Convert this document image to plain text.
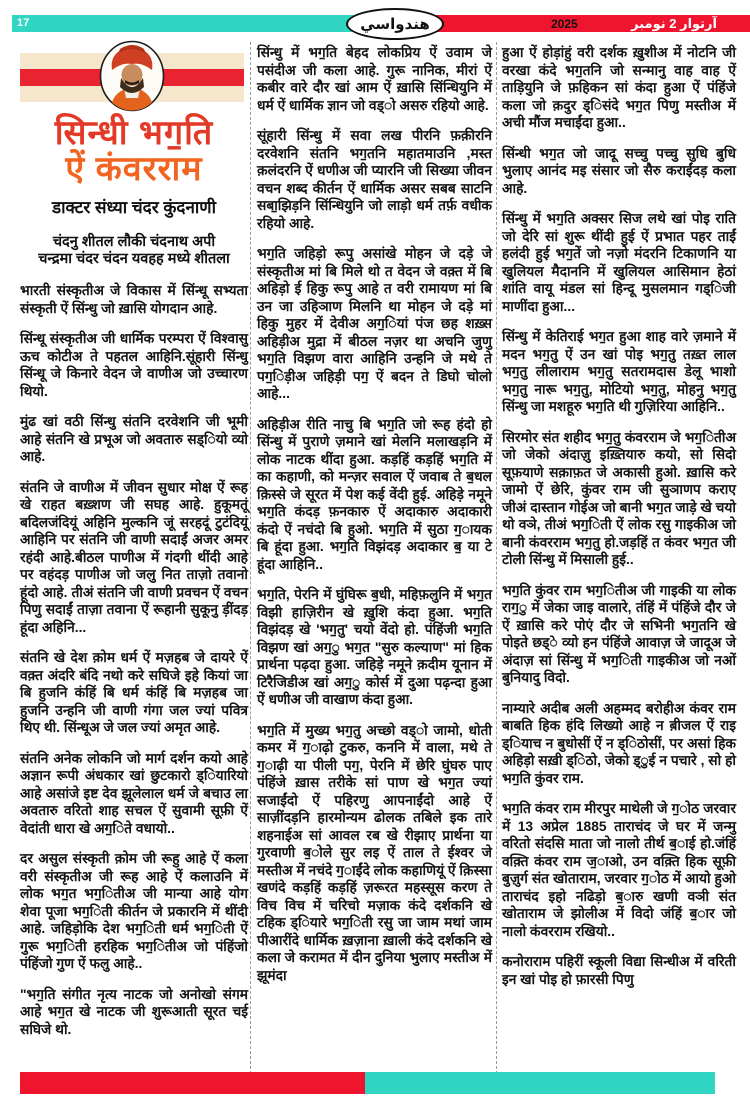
17	2025	آرتوار 2 نومبر
هندواسي
सिन्धी भग॒ति
ऐं कंवरराम
डाक्टर संध्या चंदर कुंदनाणी
चंदनु शीतल लौकी चंदनाथ अपी
चन्द्रमा चंदर चंदन यवहह मध्ये शीतला

भारती संस्कृतीअ जे विकास में सिंन्धू सभ्यता संस्कृती ऐं सिंन्धु जो ख़ासि योगदान आहे.

सिंन्धू संस्कृतीअ जी धार्मिक परम्परा ऐं विश्वासु ऊच कोटीअ ते पहतल आहिनि.सूंहारी सिंन्धु सिंन्धू जे किनारे वेदन जे वाणीअ जो उच्चारण थियो.

मुंढ खां वठी सिंन्धु संतनि दरवेशनि जी भूमी आहे संतनि खे प्रभूअ जो अवतारु सड्ियो व्यो आहे.

संतनि जे वाणीअ में जीवन सुधार मोक्ष ऐं रूह खे राहत बख़्शण जी सघह आहे. हुकूमतूं बदिलजंदियूं अहिनि मुल्कनि जूं सरहदूं टुटंदियूं आहिनि पर संतनि जी वाणी सदाईं अजर अमर रहंदी आहे.बीठल पाणीअ में गंदगी थींदी आहे पर वहंदड़ पाणीअ जो जलु नित ताज़ो तवानो हूंदो आहे. तीअं संतनि जी वाणी प्रवचन ऐं वचन पिणु सदाईं ताज़ा तवाना ऐं रूहानी सुकूनु ड़ींदड़ हूंदा अहिनि...

संतनि खे देश क़ोम धर्म ऐं मज़हब जे दायरे ऐं वक़्त अंदरि बंदि नथो करे सघिजे इहे कियां जा बि हुजनि कंहिं बि धर्म कंहिं बि मज़हब जा हुजनि उन्हनि जी वाणी गंगा जल ज्यां पवित्र थिए थी. सिंन्धूअ जे जल ज्यां अमृत आहे.

संतनि अनेक लोकनि जो मार्ग दर्शन कयो आहे अज्ञान रूपी अंधकार खां छुटकारो ड्ियारियो आहे असांजे इष्ट देव झूलेलाल धर्म जे बचाउ ला अवतारु वरितो शाह सचल ऐं सुवामी सूफ़ी ऐं वेदांती धारा खे अग॒िते वधायो..

दर असुल संस्कृती क़ोम जी रूहु आहे ऐं कला वरी संस्कृतीअ जी रूह आहे ऐं कलाउनि में लोक भग॒त भग॒ितीअ जी मान्या आहे योग शेवा पूजा भग॒िती कीर्तन जे प्रकारनि में थींदी आहे. जहिड़ोकि देश भग॒िती धर्म भग॒िती ऐं गुरू भग॒िती हरहिक भग॒ितीअ जो पंहिंजो पंहिंजो गुण ऐं फलु आहे..

"भग॒ति संगीत नृत्य नाटक जो अनोखो संगम आहे भग॒त खे नाटक जी शुरूआती सूरत चई सघिजे थो.

सिंन्धु में भग॒ति बेहद लोकप्रिय ऐं उवाम जे पसंदीअ जी कला आहे. गुरू नानिक, मीरां ऐं कबीर वारे दौर खां आम ऐं ख़ासि सिंन्धियुनि में धर्म ऐं धार्मिक ज्ञान जो वड्ो असरु रहियो आहे.

सूंहारी सिंन्धु में सवा लख पीरनि फ़क़ीरनि दरवेशनि संतनि भग॒तनि महातमाउनि ,मस्त क़लंदरनि ऐं धणीअ जी प्यारनि जी सिख्या जीवन वचन शब्द कीर्तन ऐं धार्मिक असर सबब साटनि सबा॒झिड़नि सिंन्धियुनि जो लाड़ो धर्म तर्फ़ वधीक रहियो आहे.

भग॒ति जहिड़ो रूपु असांखे मोहन जे दड़े जे संस्कृतीअ मां बि मिले थो त वेदन जे वक़्त में बि अहिड़ो ई हिकु रूपु आहे त वरी रामायण मां बि उन जा उहिञाण मिलनि था मोहन जे दड़े मां हिकु मुहर में देवीअ अग॒ियां पंज छह शख़्स अहिड़ीअ मुद्रा में बीठल नज़र था अचनि जुणु भग॒ति विझण वारा आहिनि उन्हनि जे मथे ते पग॒िड़ीअ जहिड़ी पग॒ ऐं बदन ते डिघो चोलो आहे...

अहिड़ीअ रीति नाचु बि भग॒ति जो रूह हंदो हो सिंन्धु में पुराणे ज़माने खां मेलनि मलाखड़नि में लोक नाटक थींदा हुआ. कड़हिं कड़हिं भग॒ति में का कहाणी, को मन्ज़र सवाल ऐं जवाब ते ब॒धल क़िस्से जे सूरत में पेश कई वेंदी हुई. अहिड़े नमूने भग॒ति कंदड़ फ़नकारु ऐं अदाकारु अदाकारी कंदो ऐं नचंदो बि हुओ. भग॒ति में सुठा ग॒ायक बि हूंदा हुआ. भग॒ति विझंदड़ अदाकार ब॒ या टे हूंदा आहिनि..

भग॒ति, पेरनि में घुंघिरू ब॒धी, महिफ़लुनि में भग॒त विझी हाज़िरीन खे ख़ुशि कंदा हुआ. भग॒ति विझंदड़ खे 'भग॒तु' चयो वेंदो हो. पंहिंजी भग॒ति विझण खां अग॒ु भग॒त "सुरु कल्याण" मां हिक प्रार्थना पढ़दा हुआ. जहिड़े नमूने क़दीम यूनान में टिरैजिडीअ खां अग॒ु कोर्स में दुआ पढ़न्दा हुआ ऐं धणीअ जी वाखाण कंदा हुआ.

भग॒ति में मुख्य भग॒तु अच्छो वड्ो जामो, धोती कमर में ग॒ाढ़ो टुकरु, कननि में वाला, मथे ते ग॒ाढ़ी या पीली पग॒, पेरनि में छेरि घुंघरु पाए पंहिंजे ख़ास तरीके सां पाण खे भग॒त ज्यां सजाईंदो ऐं पहिरणु आपनाईंदो आहे ऐं साज़ींदड़नि हारमोन्यम ढोलक तबिले इक तारे शहनाईअ सां आवल रब खे रीझाए प्रार्थना या गुरवाणी ब॒ोले सुर लइ ऐं ताल ते ईश्वर जे मस्तीअ में नचंदे ग॒ाईंदे लोक कहाणियूं ऐं क़िस्सा खणंदे कड़हिं कड़हिं ज़रूरत महस्सूस करण ते विच विच में चरिचो मज़ाक कंदे दर्शकनि खे टहिक ड्ियारे भग॒िती रसु जा जाम मथां जाम पीआरींदे धार्मिक ख़ज़ाना ख़ाली कंदे दर्शकनि खे कला जे करामत में दीन दुनिया भुलाए मस्तीअ में झूमंदा

हुआ ऐं होड़ांहुं वरी दर्शक ख़ुशीअ में नोटनि जी वरखा कंदे भग॒तनि जो सन्मानु वाह वाह ऐं ताड़ियुनि जे फ़हिकन सां कंदा हुआ ऐं पंहिंजे कला जो क़दुर ड्िसंदे भग॒त पिणु मस्तीअ में अची मौंज मचाईंदा हुआ..

सिंन्धी भग॒त जो जादू सच्चु पच्चु सुधि बुधि भुलाए आनंद मइ संसार जो सैरु कराईंदड़ कला आहे.

सिंन्धु में भग॒ति अक्सर सिज लथे खां पोइ राति जो देरि सां शुरू थींदी हुई ऐं प्रभात पहर ताईं हलंदी हुई भग॒तें जो नज़ो मंदरनि टिकाणनि या खुलियल मैदाननि में खुलियल आसिमान हेठां शांति वायू मंडल सां हिन्दू मुसलमान गड्िजी माणींदा हुआ...

सिंन्धु में केतिराई भग॒त हुआ शाह वारे ज़माने में मदन भग॒तु ऐं उन खां पोइ भग॒तु तख़्त लाल भग॒तु लीलाराम भग॒तु सतरामदास डेलू भाशो भग॒तु नारू भग॒तु, मोटियो भग॒तु, मोहनु भग॒तु सिंन्धु जा मशहूरु भग॒ति थी गुज़िरिया आहिनि..

सिरमोर संत शहीद भग॒तु कंवरराम जे भग॒ितीअ जो जेको अंदाज़ु इख़्तियारु कयो, सो सिदो सूफ़याणे सक़ाफ़त जे अकासी हुओ. ख़ासि करे जामो ऐं छेरि, कुंवर राम जी सुञाणप कराए जीअं दास्तान गोईअ जो बानी भग॒त जाड़े खे चयो थो वञे, तीअं भग॒िती ऐं लोक रसु गाइकीअ जो बानी कंवरराम भग॒तु हो.जड़हिं त कंवर भग॒त जी टोली सिंन्धु में मिसाली हुई..

भग॒ति कुंवर राम भग॒ितीअ जी गाइकी या लोक राग॒ु में जेका जाइ वालारे, तंहिं में पंहिंजे दौर जे ऐं ख़ासि करे पोएं दौर जे सभिनी भग॒तनि खे पोइते छड्े व्यो हन पंहिंजे आवाज़ जे जादूअ जे अंदाज़ सां सिंन्धु में भग॒िती गाइकीअ जो नओं बुनियादु विदो.

नाम्यारे अदीब अली अहम्मद बरोहीअ कंवर राम बाबति हिक हंदि लिख्यो आहे न ब़ीजल ऐं राइ ड्ियाच न बुधोसीं ऐं न ड्िठोसीं, पर असां हिक अहिड़ो सख़ी ड्िठो, जेको ड्ुई न पचारे , सो हो भग॒ति कुंवर राम.

भग॒ति कंवर राम मीरपुर माथेली जे ग॒ोठ जरवार में 13 अप्रेल 1885 ताराचंद जे घर में जन्मु वरितो संदसि माता जो नालो तीर्थ ब॒ाई हो.जंहिं वक़्ति कंवर राम ज॒ाओ, उन वक़्ति हिक सूफ़ी बुज़ुर्ग संत खोताराम, जरवार ग॒ोठ में आयो हुओ ताराचंद इहो नढिड़ो ब॒ारु खणी वञी संत खोताराम जे झोलीअ में विदो जंहिं ब॒ार जो नालो कंवरराम रखियो..

कनोराराम पहिरीं स्कूली विद्या सिन्धीअ में वरिती इन खां पोइ हो फ़ारसी पिणु
